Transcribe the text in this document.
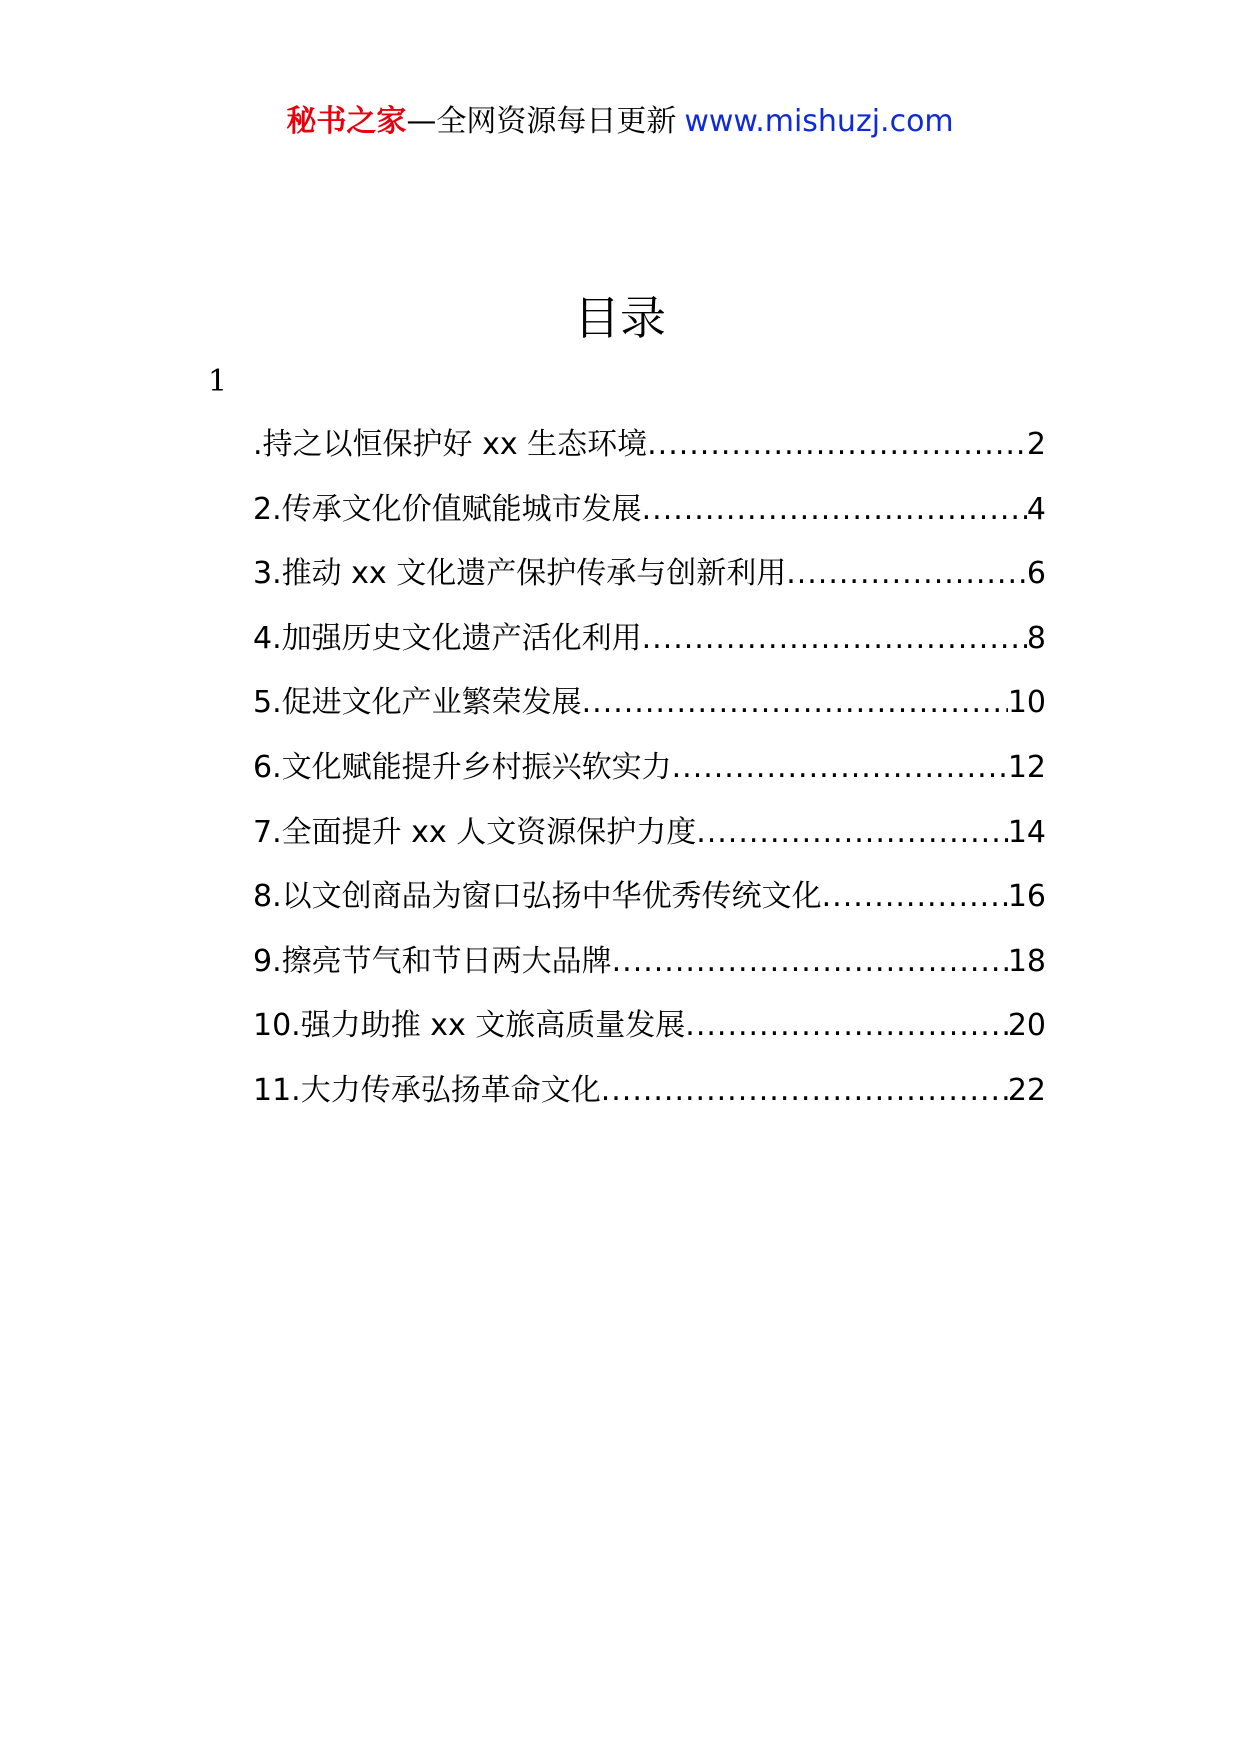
秘书之家—全网资源每日更新 www.mishuzj.com
目录
1
.持之以恒保护好 xx 生态环境 .....	2
2.传承文化价值赋能城市发展 .....	4
3.推动 xx 文化遗产保护传承与创新利用 .....	6
4.加强历史文化遗产活化利用 .....	8
5.促进文化产业繁荣发展 .....	10
6.文化赋能提升乡村振兴软实力 .....	12
7.全面提升 xx 人文资源保护力度 .....	14
8.以文创商品为窗口弘扬中华优秀传统文化 .....	16
9.擦亮节气和节日两大品牌 .....	18
10.强力助推 xx 文旅高质量发展 .....	20
11.大力传承弘扬革命文化 .....	22
